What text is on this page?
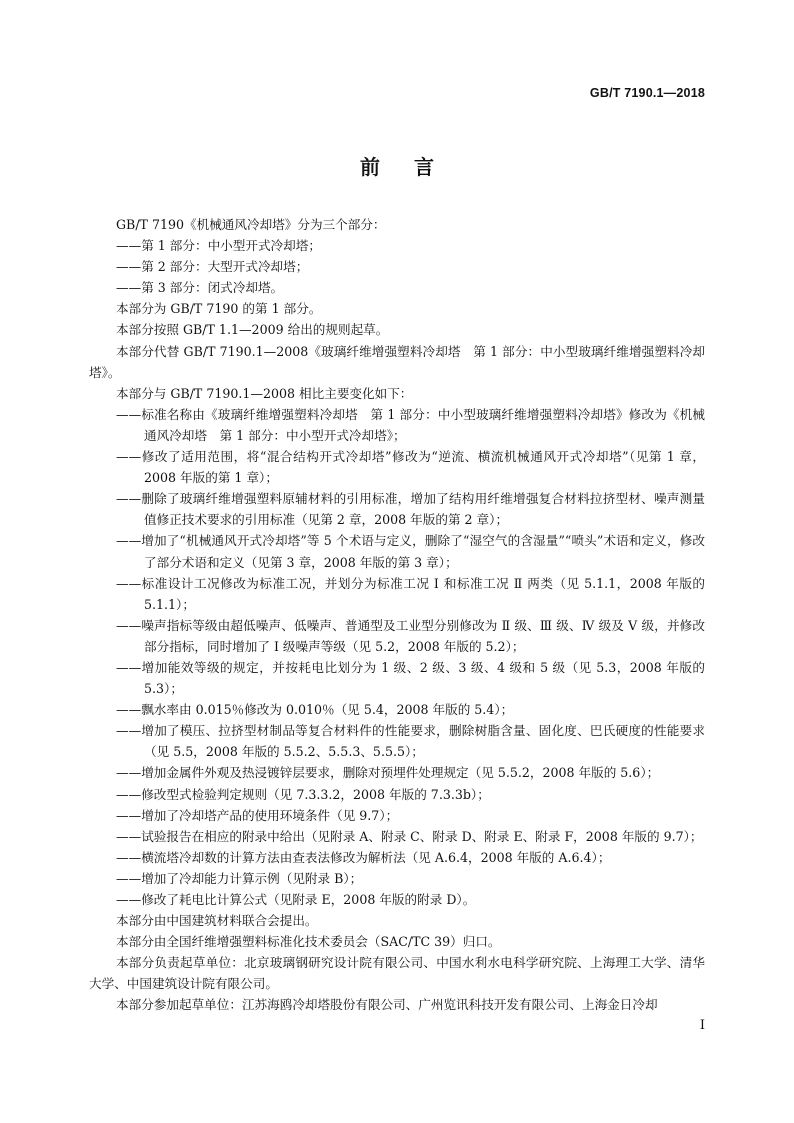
GB/T 7190.1—2018
前言

GB/T 7190《机械通风冷却塔》分为三个部分：

——第 1 部分：中小型开式冷却塔；

——第 2 部分：大型开式冷却塔；

——第 3 部分：闭式冷却塔。

本部分为 GB/T 7190 的第 1 部分。

本部分按照 GB/T 1.1—2009 给出的规则起草。

本部分代替 GB/T 7190.1—2008《玻璃纤维增强塑料冷却塔　第 1 部分：中小型玻璃纤维增强塑料冷却塔》。

本部分与 GB/T 7190.1—2008 相比主要变化如下：

——标准名称由《玻璃纤维增强塑料冷却塔　第 1 部分：中小型玻璃纤维增强塑料冷却塔》修改为《机械通风冷却塔　第 1 部分：中小型开式冷却塔》；

——修改了适用范围，将“混合结构开式冷却塔”修改为“逆流、横流机械通风开式冷却塔”（见第 1 章，2008 年版的第 1 章）；

——删除了玻璃纤维增强塑料原辅材料的引用标准，增加了结构用纤维增强复合材料拉挤型材、噪声测量值修正技术要求的引用标准（见第 2 章，2008 年版的第 2 章）；

——增加了“机械通风开式冷却塔”等 5 个术语与定义，删除了“湿空气的含湿量”“喷头”术语和定义，修改了部分术语和定义（见第 3 章，2008 年版的第 3 章）；

——标准设计工况修改为标准工况，并划分为标准工况 Ⅰ 和标准工况 Ⅱ 两类（见 5.1.1，2008 年版的 5.1.1）；

——噪声指标等级由超低噪声、低噪声、普通型及工业型分别修改为 Ⅱ 级、Ⅲ 级、Ⅳ 级及 Ⅴ 级，并修改部分指标，同时增加了 Ⅰ 级噪声等级（见 5.2，2008 年版的 5.2）；

——增加能效等级的规定，并按耗电比划分为 1 级、2 级、3 级、4 级和 5 级（见 5.3，2008 年版的 5.3）；

——飘水率由 0.015％修改为 0.010％（见 5.4，2008 年版的 5.4）；

——增加了模压、拉挤型材制品等复合材料件的性能要求，删除树脂含量、固化度、巴氏硬度的性能要求（见 5.5，2008 年版的 5.5.2、5.5.3、5.5.5）；

——增加金属件外观及热浸镀锌层要求，删除对预埋件处理规定（见 5.5.2，2008 年版的 5.6）；

——修改型式检验判定规则（见 7.3.3.2，2008 年版的 7.3.3b）；

——增加了冷却塔产品的使用环境条件（见 9.7）；

——试验报告在相应的附录中给出（见附录 A、附录 C、附录 D、附录 E、附录 F，2008 年版的 9.7）；

——横流塔冷却数的计算方法由查表法修改为解析法（见 A.6.4，2008 年版的 A.6.4）；

——增加了冷却能力计算示例（见附录 B）；

——修改了耗电比计算公式（见附录 E，2008 年版的附录 D）。

本部分由中国建筑材料联合会提出。

本部分由全国纤维增强塑料标准化技术委员会（SAC/TC 39）归口。

本部分负责起草单位：北京玻璃钢研究设计院有限公司、中国水利水电科学研究院、上海理工大学、清华大学、中国建筑设计院有限公司。

本部分参加起草单位：江苏海鸥冷却塔股份有限公司、广州览讯科技开发有限公司、上海金日冷却

Ⅰ
